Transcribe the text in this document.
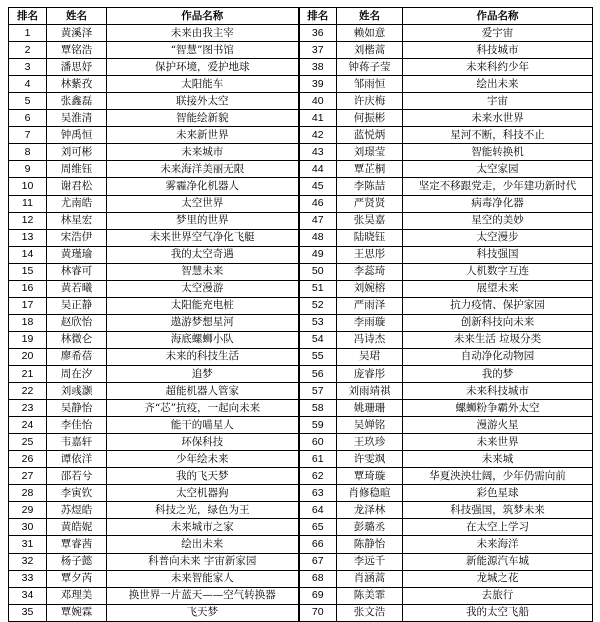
排名	姓名	作品名称	排名	姓名	作品名称
1	黄溪泽	未来由我主宰	36	赖如意	爱宇宙
2	覃铭浩	“智慧”图书馆	37	刘楷蒿	科技城市
3	潘思妤	保护环境，爱护地球	38	钟蒋子莹	未来科约少年
4	林紫孜	太阳能车	39	邹雨恒	绘出未来
5	张鑫磊	联接外太空	40	许庆梅	宇宙
6	吴淮清	智能绘新貌	41	何振彬	未来水世界
7	钟禹恒	未来新世界	42	蓝悦炳	星河不断，科技不止
8	刘可彬	未来城市	43	刘璟莹	智能转换机
9	周维钰	未来海洋美丽无限	44	覃芷桐	太空家园
10	谢君松	雾霾净化机器人	45	李陈喆	坚定不移跟党走，少年建功新时代
11	尤南皓	太空世界	46	严贤贤	病毒净化器
12	林星宏	梦里的世界	47	张昊嘉	星空的美妙
13	宋浩伊	未来世界空气净化飞艇	48	陆晓钰	太空漫步
14	黄瑾瑜	我的太空奇遇	49	王思彤	科技强国
15	林睿可	智慧未来	50	李蕊琦	人机数字互连
16	黄若曦	太空漫游	51	刘婉榕	展望未来
17	吴正静	太阳能充电桩	52	严雨泽	抗力疫情、保护家园
18	赵欣怡	遨游梦想星河	53	李雨璇	创新科技向未来
19	林微仑	海底螺蛳小队	54	冯诗杰	未来生活 垃圾分类
20	廖希蓓	未来的科技生活	55	吴珺	自动净化动物园
21	周在汐	追梦	56	庞睿彤	我的梦
22	刘彧灏	超能机器人管家	57	刘雨靖祺	未来科技城市
23	吴静怡	齐“芯”抗疫，一起向未来	58	姚珊珊	螺蛳粉争霸外太空
24	李佳怡	能干的喵星人	59	吴婵铭	漫游火星
25	韦嘉轩	环保科技	60	王玖珍	未来世界
26	谭依洋	少年绘未来	61	许雯飒	未来城
27	邵若兮	我的飞天梦	62	覃琦璇	华夏泱泱壮阔，少年仍需向前
28	李寅钦	太空机器狗	63	肖修稳暄	彩色星球
29	苏煜皓	科技之光，绿色为王	64	龙泽林	科技强国，筑梦未来
30	黄皓妮	未来城市之家	65	彭璐丞	在太空上学习
31	覃睿茜	绘出未来	66	陈静怡	未来海洋
32	杨子懿	科普向未来 宇宙新家园	67	李远千	新能源汽车城
33	覃夕芮	未来智能家人	68	肖涵蒿	龙城之花
34	邓理美	换世界一片蓝天——空气转换器	69	陈美霏	去旅行
35	覃婉霖	飞天梦	70	张文浩	我的太空飞船
